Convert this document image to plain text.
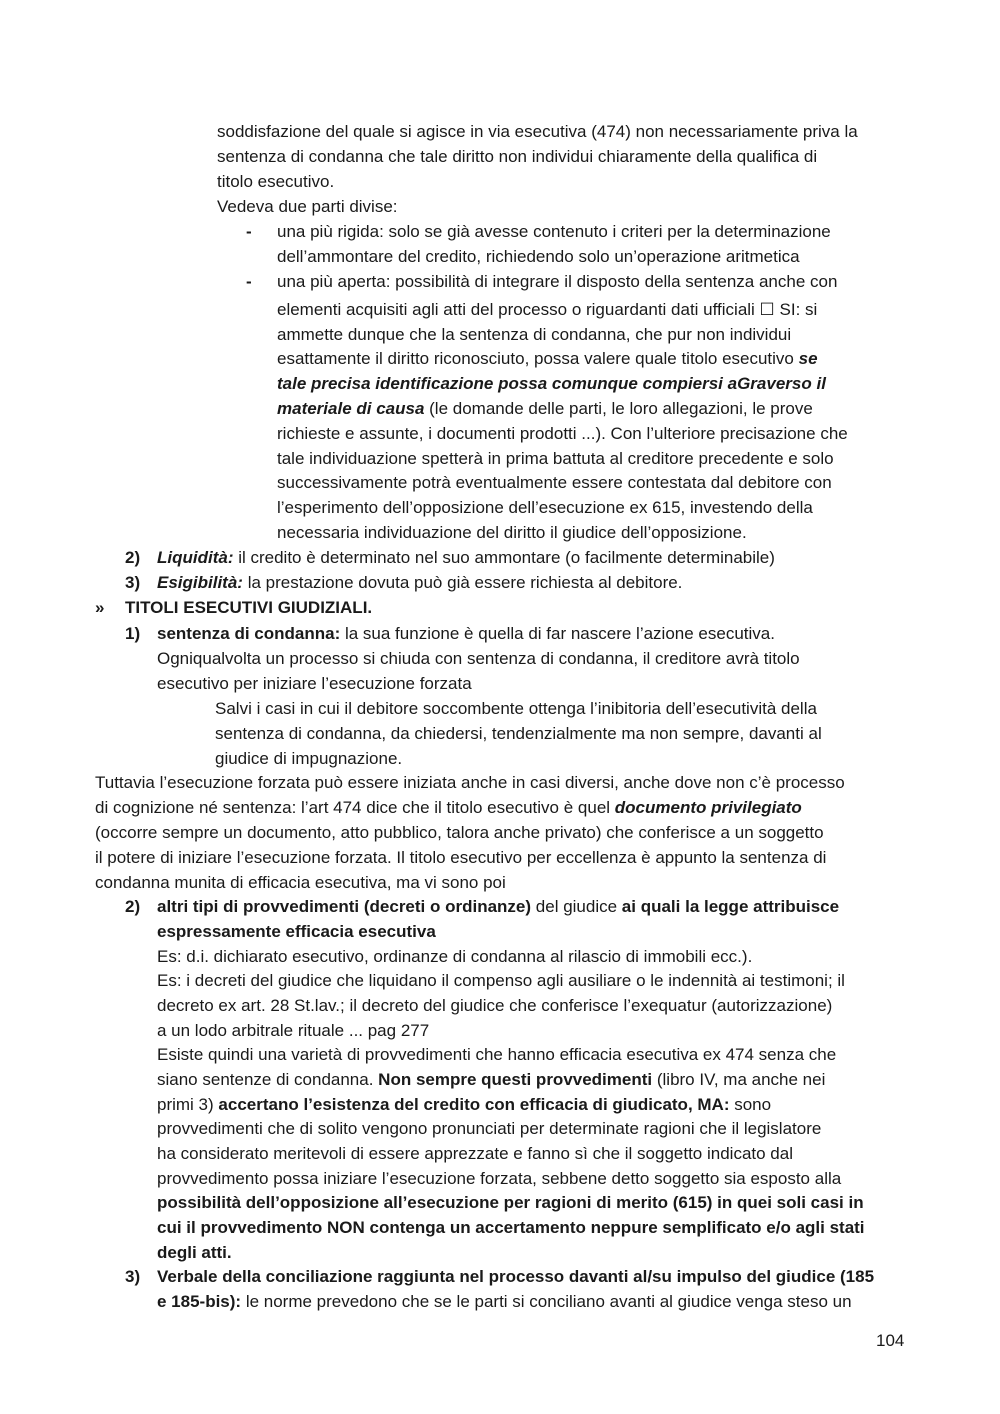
soddisfazione del quale si agisce in via esecutiva (474) non necessariamente priva la
sentenza di condanna che tale diritto non individui chiaramente della qualifica di
titolo esecutivo.
Vedeva due parti divise:
- una più rigida: solo se già avesse contenuto i criteri per la determinazione
dell’ammontare del credito, richiedendo solo un’operazione aritmetica
- una più aperta: possibilità di integrare il disposto della sentenza anche con
elementi acquisiti agli atti del processo o riguardanti dati ufficiali ☐ SI: si
ammette dunque che la sentenza di condanna, che pur non individui
esattamente il diritto riconosciuto, possa valere quale titolo esecutivo se
tale precisa identificazione possa comunque compiersi aGraverso il
materiale di causa (le domande delle parti, le loro allegazioni, le prove
richieste e assunte, i documenti prodotti ...). Con l’ulteriore precisazione che
tale individuazione spetterà in prima battuta al creditore precedente e solo
successivamente potrà eventualmente essere contestata dal debitore con
l’esperimento dell’opposizione dell’esecuzione ex 615, investendo della
necessaria individuazione del diritto il giudice dell’opposizione.
2) Liquidità: il credito è determinato nel suo ammontare (o facilmente determinabile)
3) Esigibilità: la prestazione dovuta può già essere richiesta al debitore.
» TITOLI ESECUTIVI GIUDIZIALI.
1) sentenza di condanna: la sua funzione è quella di far nascere l’azione esecutiva.
Ogniqualvolta un processo si chiuda con sentenza di condanna, il creditore avrà titolo
esecutivo per iniziare l’esecuzione forzata
Salvi i casi in cui il debitore soccombente ottenga l’inibitoria dell’esecutività della
sentenza di condanna, da chiedersi, tendenzialmente ma non sempre, davanti al
giudice di impugnazione.
Tuttavia l’esecuzione forzata può essere iniziata anche in casi diversi, anche dove non c’è processo
di cognizione né sentenza: l’art 474 dice che il titolo esecutivo è quel documento privilegiato
(occorre sempre un documento, atto pubblico, talora anche privato) che conferisce a un soggetto
il potere di iniziare l’esecuzione forzata. Il titolo esecutivo per eccellenza è appunto la sentenza di
condanna munita di efficacia esecutiva, ma vi sono poi
2) altri tipi di provvedimenti (decreti o ordinanze) del giudice ai quali la legge attribuisce
espressamente efficacia esecutiva
Es: d.i. dichiarato esecutivo, ordinanze di condanna al rilascio di immobili ecc.).
Es: i decreti del giudice che liquidano il compenso agli ausiliare o le indennità ai testimoni; il
decreto ex art. 28 St.lav.; il decreto del giudice che conferisce l’exequatur (autorizzazione)
a un lodo arbitrale rituale ... pag 277
Esiste quindi una varietà di provvedimenti che hanno efficacia esecutiva ex 474 senza che
siano sentenze di condanna. Non sempre questi provvedimenti (libro IV, ma anche nei
primi 3) accertano l’esistenza del credito con efficacia di giudicato, MA: sono
provvedimenti che di solito vengono pronunciati per determinate ragioni che il legislatore
ha considerato meritevoli di essere apprezzate e fanno sì che il soggetto indicato dal
provvedimento possa iniziare l’esecuzione forzata, sebbene detto soggetto sia esposto alla
possibilità dell’opposizione all’esecuzione per ragioni di merito (615) in quei soli casi in
cui il provvedimento NON contenga un accertamento neppure semplificato e/o agli stati
degli atti.
3) Verbale della conciliazione raggiunta nel processo davanti al/su impulso del giudice (185
e 185-bis): le norme prevedono che se le parti si conciliano avanti al giudice venga steso un
104
